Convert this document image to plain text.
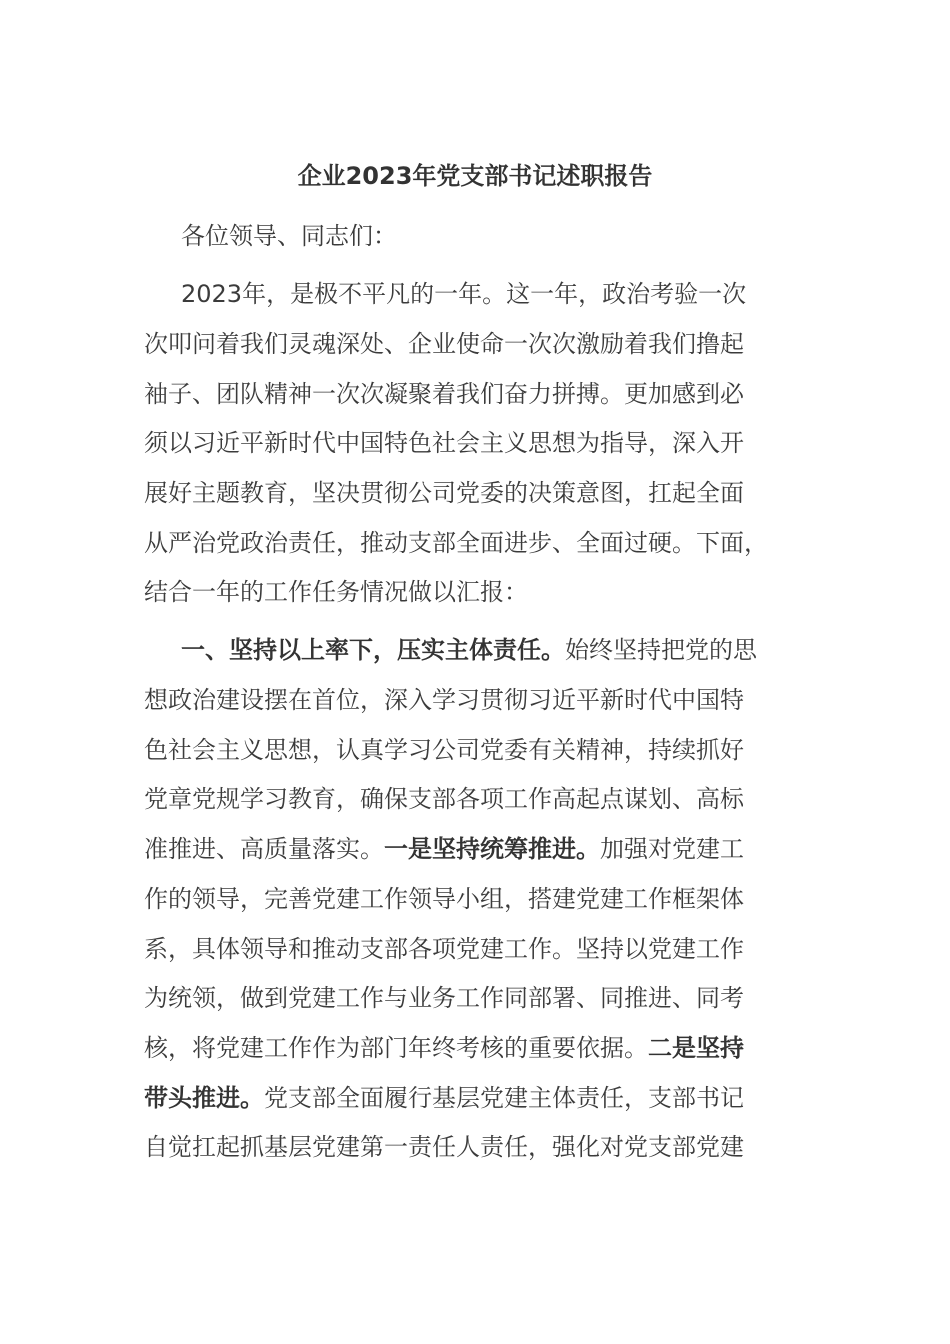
企业2023年党支部书记述职报告
各位领导、同志们：
2023年，是极不平凡的一年。这一年，政治考验一次
次叩问着我们灵魂深处、企业使命一次次激励着我们撸起
袖子、团队精神一次次凝聚着我们奋力拼搏。更加感到必
须以习近平新时代中国特色社会主义思想为指导，深入开
展好主题教育，坚决贯彻公司党委的决策意图，扛起全面
从严治党政治责任，推动支部全面进步、全面过硬。下面，
结合一年的工作任务情况做以汇报：
一、坚持以上率下，压实主体责任。始终坚持把党的思
想政治建设摆在首位，深入学习贯彻习近平新时代中国特
色社会主义思想，认真学习公司党委有关精神，持续抓好
党章党规学习教育，确保支部各项工作高起点谋划、高标
准推进、高质量落实。一是坚持统筹推进。加强对党建工
作的领导，完善党建工作领导小组，搭建党建工作框架体
系，具体领导和推动支部各项党建工作。坚持以党建工作
为统领，做到党建工作与业务工作同部署、同推进、同考
核，将党建工作作为部门年终考核的重要依据。二是坚持
带头推进。党支部全面履行基层党建主体责任，支部书记
自觉扛起抓基层党建第一责任人责任，强化对党支部党建
